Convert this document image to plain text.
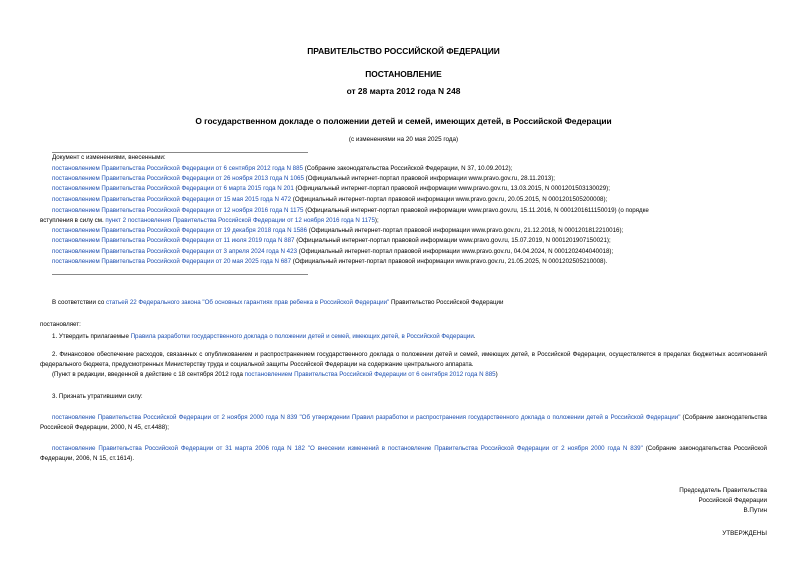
ПРАВИТЕЛЬСТВО РОССИЙСКОЙ ФЕДЕРАЦИИ
ПОСТАНОВЛЕНИЕ
от 28 марта 2012 года N 248
О государственном докладе о положении детей и семей, имеющих детей, в Российской Федерации
(с изменениями на 20 мая 2025 года)
Документ с изменениями, внесенными:
постановлением Правительства Российской Федерации от 6 сентября 2012 года N 885 (Собрание законодательства Российской Федерации, N 37, 10.09.2012);
постановлением Правительства Российской Федерации от 26 ноября 2013 года N 1065 (Официальный интернет-портал правовой информации www.pravo.gov.ru, 28.11.2013);
постановлением Правительства Российской Федерации от 6 марта 2015 года N 201 (Официальный интернет-портал правовой информации www.pravo.gov.ru, 13.03.2015, N 0001201503130029);
постановлением Правительства Российской Федерации от 15 мая 2015 года N 472 (Официальный интернет-портал правовой информации www.pravo.gov.ru, 20.05.2015, N 0001201505200008);
постановлением Правительства Российской Федерации от 12 ноября 2016 года N 1175 (Официальный интернет-портал правовой информации www.pravo.gov.ru, 15.11.2016, N 0001201611150019) (о порядке
вступления в силу см. пункт 2 постановления Правительства Российской Федерации от 12 ноября 2016 года N 1175);
постановлением Правительства Российской Федерации от 19 декабря 2018 года N 1586 (Официальный интернет-портал правовой информации www.pravo.gov.ru, 21.12.2018, N 0001201812210016);
постановлением Правительства Российской Федерации от 11 июля 2019 года N 887 (Официальный интернет-портал правовой информации www.pravo.gov.ru, 15.07.2019, N 0001201907150021);
постановлением Правительства Российской Федерации от 3 апреля 2024 года N 423 (Официальный интернет-портал правовой информации www.pravo.gov.ru, 04.04.2024, N 0001202404040018);
постановлением Правительства Российской Федерации от 20 мая 2025 года N 687 (Официальный интернет-портал правовой информации www.pravo.gov.ru, 21.05.2025, N 0001202505210008).
В соответствии со статьей 22 Федерального закона "Об основных гарантиях прав ребенка в Российской Федерации" Правительство Российской Федерации
постановляет:
1. Утвердить прилагаемые Правила разработки государственного доклада о положении детей и семей, имеющих детей, в Российской Федерации.
2. Финансовое обеспечение расходов, связанных с опубликованием и распространением государственного доклада о положении детей и семей, имеющих детей, в Российской Федерации, осуществляется в пределах бюджетных ассигнований федерального бюджета, предусмотренных Министерству труда и социальной защиты Российской Федерации на содержание центрального аппарата.
(Пункт в редакции, введенной в действие с 18 сентября 2012 года постановлением Правительства Российской Федерации от 6 сентября 2012 года N 885)
3. Признать утратившими силу:
постановление Правительства Российской Федерации от 2 ноября 2000 года N 839 "Об утверждении Правил разработки и распространения государственного доклада о положении детей в Российской Федерации" (Собрание законодательства Российской Федерации, 2000, N 45, ст.4488);
постановление Правительства Российской Федерации от 31 марта 2006 года N 182 "О внесении изменений в постановление Правительства Российской Федерации от 2 ноября 2000 года N 839" (Собрание законодательства Российской Федерации, 2006, N 15, ст.1614).
Председатель Правительства
Российской Федерации
В.Путин
УТВЕРЖДЕНЫ
